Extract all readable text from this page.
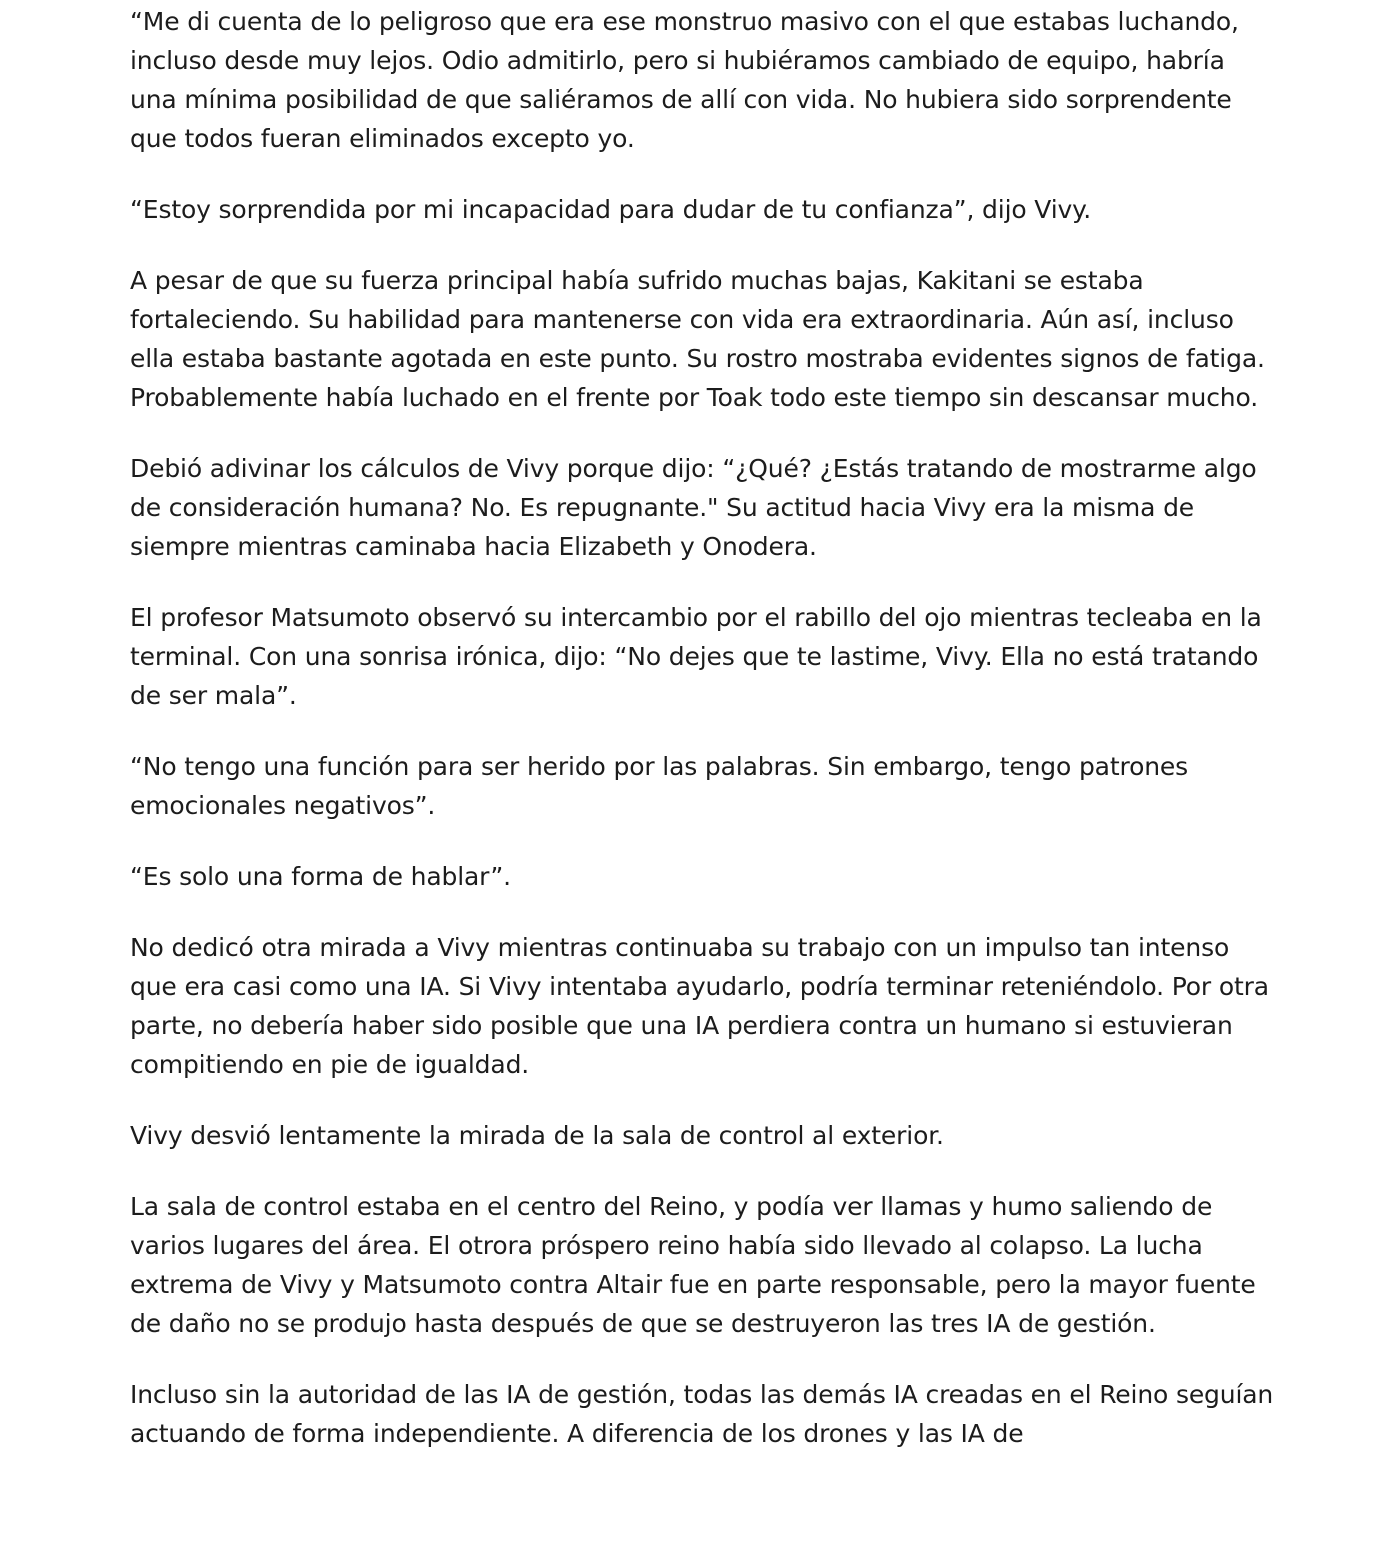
“Me di cuenta de lo peligroso que era ese monstruo masivo con el que estabas luchando, incluso desde muy lejos. Odio admitirlo, pero si hubiéramos cambiado de equipo, habría una mínima posibilidad de que saliéramos de allí con vida. No hubiera sido sorprendente que todos fueran eliminados excepto yo.

“Estoy sorprendida por mi incapacidad para dudar de tu confianza”, dijo Vivy.

A pesar de que su fuerza principal había sufrido muchas bajas, Kakitani se estaba fortaleciendo. Su habilidad para mantenerse con vida era extraordinaria. Aún así, incluso ella estaba bastante agotada en este punto. Su rostro mostraba evidentes signos de fatiga. Probablemente había luchado en el frente por Toak todo este tiempo sin descansar mucho.

Debió adivinar los cálculos de Vivy porque dijo: “¿Qué? ¿Estás tratando de mostrarme algo de consideración humana? No. Es repugnante." Su actitud hacia Vivy era la misma de siempre mientras caminaba hacia Elizabeth y Onodera.

El profesor Matsumoto observó su intercambio por el rabillo del ojo mientras tecleaba en la terminal. Con una sonrisa irónica, dijo: “No dejes que te lastime, Vivy. Ella no está tratando de ser mala”.

“No tengo una función para ser herido por las palabras. Sin embargo, tengo patrones emocionales negativos”.

“Es solo una forma de hablar”.

No dedicó otra mirada a Vivy mientras continuaba su trabajo con un impulso tan intenso que era casi como una IA. Si Vivy intentaba ayudarlo, podría terminar reteniéndolo. Por otra parte, no debería haber sido posible que una IA perdiera contra un humano si estuvieran compitiendo en pie de igualdad.

Vivy desvió lentamente la mirada de la sala de control al exterior.

La sala de control estaba en el centro del Reino, y podía ver llamas y humo saliendo de varios lugares del área. El otrora próspero reino había sido llevado al colapso. La lucha extrema de Vivy y Matsumoto contra Altair fue en parte responsable, pero la mayor fuente de daño no se produjo hasta después de que se destruyeron las tres IA de gestión.

Incluso sin la autoridad de las IA de gestión, todas las demás IA creadas en el Reino seguían actuando de forma independiente. A diferencia de los drones y las IA de
